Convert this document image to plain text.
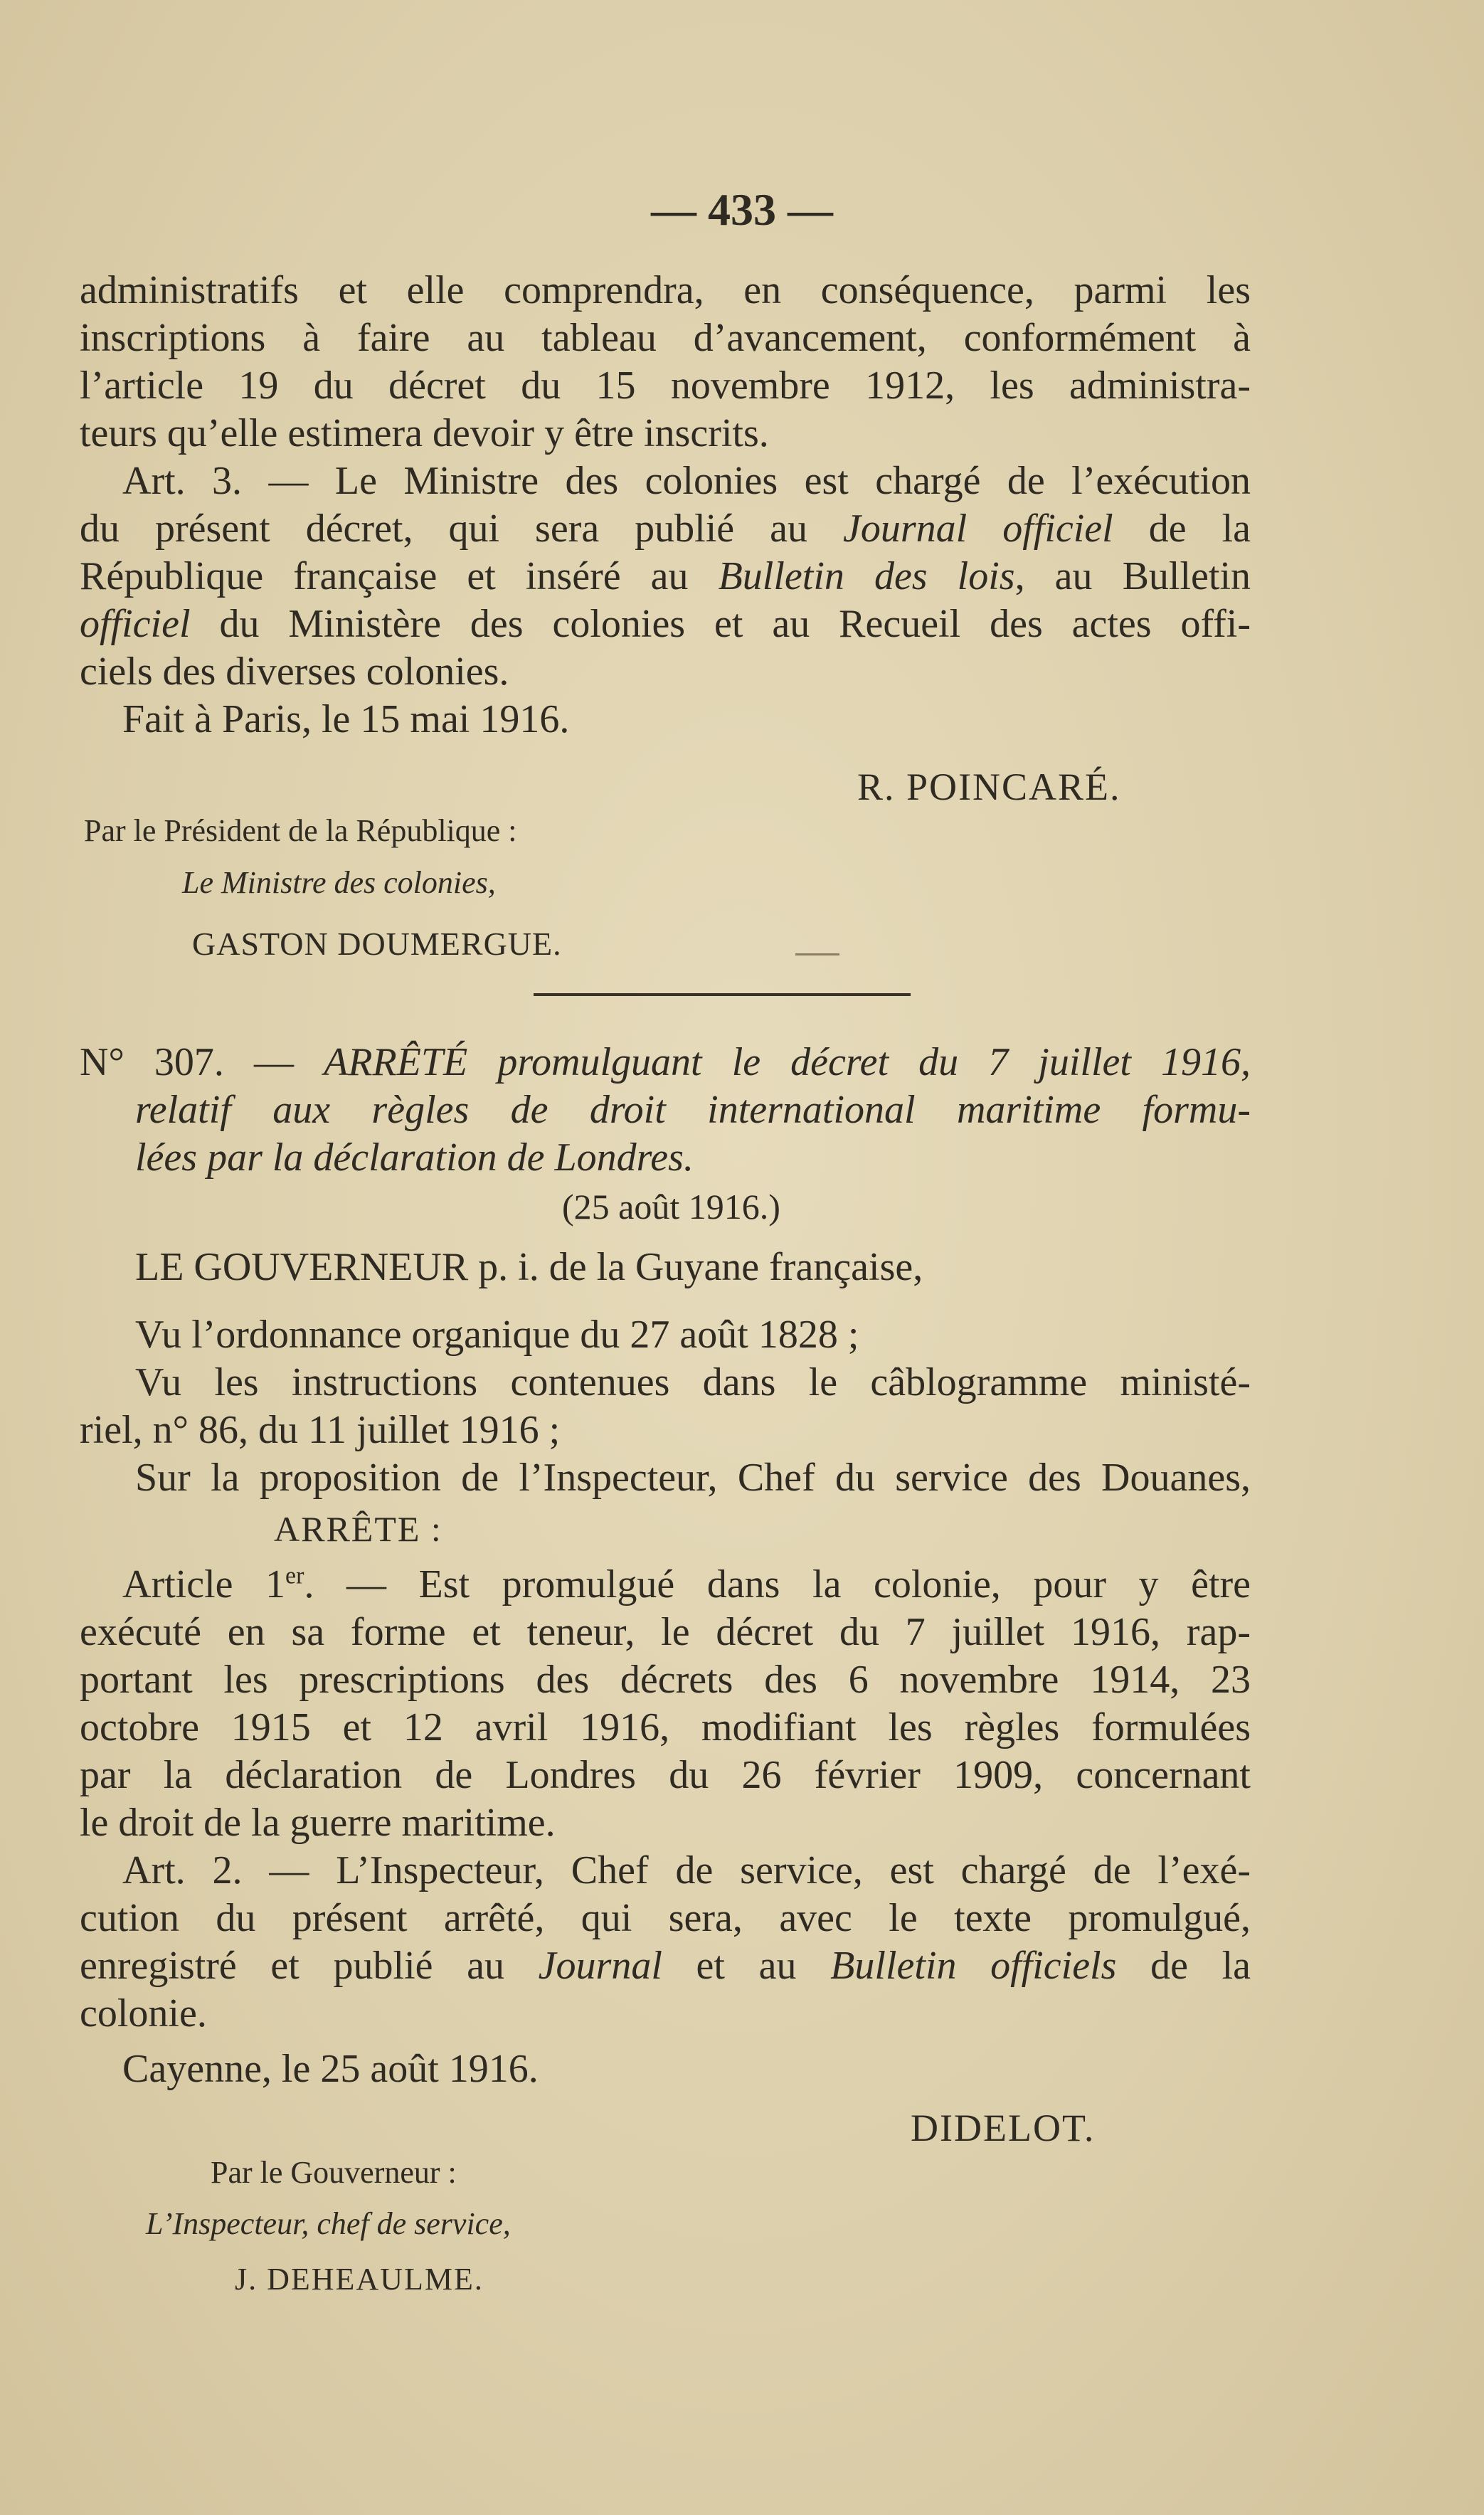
— 433 —
administratifs et elle comprendra, en conséquence, parmi les
inscriptions à faire au tableau d’avancement, conformément à
l’article 19 du décret du 15 novembre 1912, les administra-
teurs qu’elle estimera devoir y être inscrits.
Art. 3. — Le Ministre des colonies est chargé de l’exécution
du présent décret, qui sera publié au Journal officiel de la
République française et inséré au Bulletin des lois, au Bulletin
officiel du Ministère des colonies et au Recueil des actes offi-
ciels des diverses colonies.
Fait à Paris, le 15 mai 1916.
N° 307. — ARRÊTÉ promulguant le décret du 7 juillet 1916,
relatif aux règles de droit international maritime formu-
lées par la déclaration de Londres.
LE GOUVERNEUR p. i. de la Guyane française,
Vu l’ordonnance organique du 27 août 1828 ;
Vu les instructions contenues dans le câblogramme ministé-
riel, n° 86, du 11 juillet 1916 ;
Sur la proposition de l’Inspecteur, Chef du service des Douanes,
Article 1er. — Est promulgué dans la colonie, pour y être
exécuté en sa forme et teneur, le décret du 7 juillet 1916, rap-
portant les prescriptions des décrets des 6 novembre 1914, 23
octobre 1915 et 12 avril 1916, modifiant les règles formulées
par la déclaration de Londres du 26 février 1909, concernant
le droit de la guerre maritime.
Art. 2. — L’Inspecteur, Chef de service, est chargé de l’exé-
cution du présent arrêté, qui sera, avec le texte promulgué,
enregistré et publié au Journal et au Bulletin officiels de la
colonie.
Cayenne, le 25 août 1916.
R. POINCARÉ.
Par le Président de la République :
Le Ministre des colonies,
GASTON DOUMERGUE.
(25 août 1916.)
ARRÊTE :
DIDELOT.
Par le Gouverneur :
L’Inspecteur, chef de service,
J. DEHEAULME.
